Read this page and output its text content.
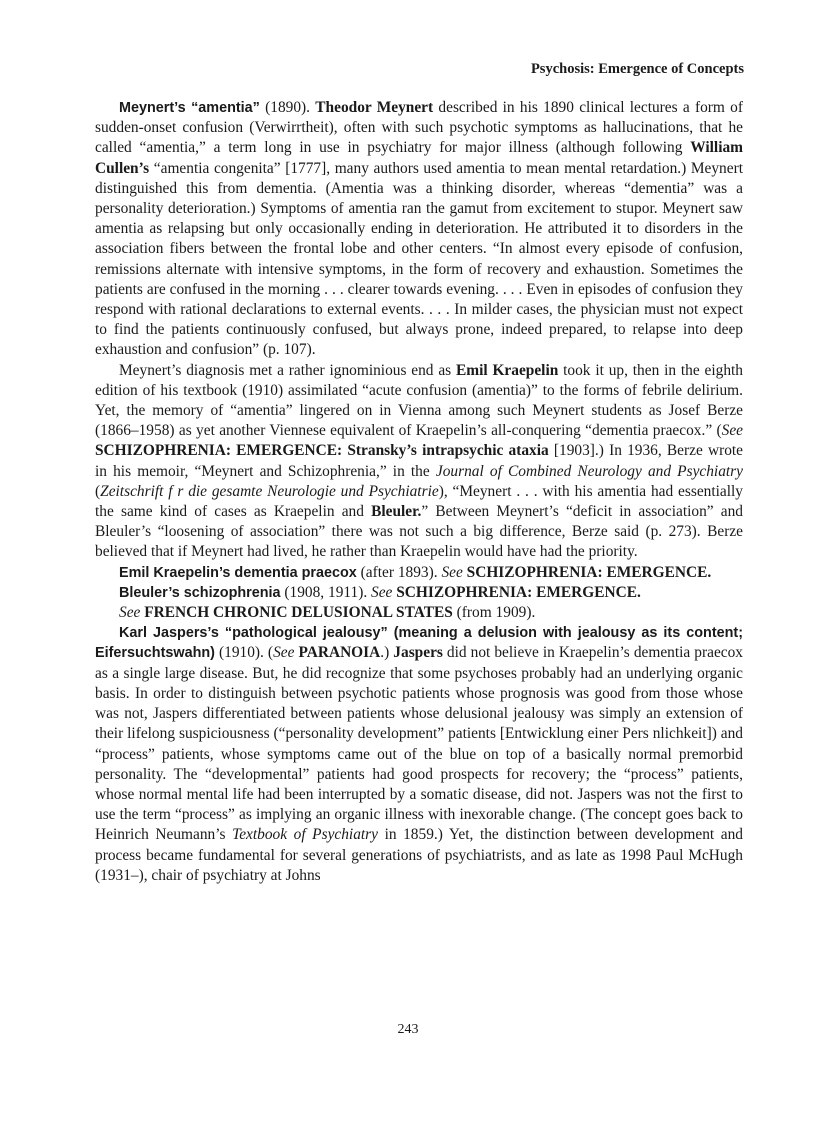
Psychosis: Emergence of Concepts

Meynert’s “amentia” (1890). Theodor Meynert described in his 1890 clinical lectures a form of sudden-onset confusion (Verwirrtheit), often with such psychotic symptoms as hallucinations, that he called “amentia,” a term long in use in psychiatry for major illness (although following William Cullen’s “amentia congenita” [1777], many authors used amentia to mean mental retardation.) Meynert distinguished this from dementia. (Amentia was a thinking disorder, whereas “dementia” was a personality deterioration.) Symptoms of amentia ran the gamut from excitement to stupor. Meynert saw amentia as relapsing but only occasionally ending in deterioration. He attributed it to disorders in the association fibers between the frontal lobe and other centers. “In almost every episode of confusion, remissions alternate with intensive symptoms, in the form of recovery and exhaustion. Sometimes the patients are confused in the morning . . . clearer towards evening. . . . Even in episodes of confusion they respond with rational declarations to external events. . . . In milder cases, the physician must not expect to find the patients continuously confused, but always prone, indeed prepared, to relapse into deep exhaustion and confusion” (p. 107).

Meynert’s diagnosis met a rather ignominious end as Emil Kraepelin took it up, then in the eighth edition of his textbook (1910) assimilated “acute confusion (amentia)” to the forms of febrile delirium. Yet, the memory of “amentia” lingered on in Vienna among such Meynert students as Josef Berze (1866–1958) as yet another Viennese equivalent of Kraepelin’s all-conquering “dementia praecox.” (See SCHIZOPHRENIA: EMERGENCE: Stransky’s intrapsychic ataxia [1903].) In 1936, Berze wrote in his memoir, “Meynert and Schizophrenia,” in the Journal of Combined Neurology and Psychiatry (Zeitschrift f r die gesamte Neurologie und Psychiatrie), “Meynert . . . with his amentia had essentially the same kind of cases as Kraepelin and Bleuler.” Between Meynert’s “deficit in association” and Bleuler’s “loosening of association” there was not such a big difference, Berze said (p. 273). Berze believed that if Meynert had lived, he rather than Kraepelin would have had the priority.

Emil Kraepelin’s dementia praecox (after 1893). See SCHIZOPHRENIA: EMERGENCE.

Bleuler’s schizophrenia (1908, 1911). See SCHIZOPHRENIA: EMERGENCE.

See FRENCH CHRONIC DELUSIONAL STATES (from 1909).

Karl Jaspers’s “pathological jealousy” (meaning a delusion with jealousy as its content; Eifersuchtswahn) (1910). (See PARANOIA.) Jaspers did not believe in Kraepelin’s dementia praecox as a single large disease. But, he did recognize that some psychoses probably had an underlying organic basis. In order to distinguish between psychotic patients whose prognosis was good from those whose was not, Jaspers differentiated between patients whose delusional jealousy was simply an extension of their lifelong suspiciousness (“personality development” patients [Entwicklung einer Pers nlichkeit]) and “process” patients, whose symptoms came out of the blue on top of a basically normal premorbid personality. The “developmental” patients had good prospects for recovery; the “process” patients, whose normal mental life had been interrupted by a somatic disease, did not. Jaspers was not the first to use the term “process” as implying an organic illness with inexorable change. (The concept goes back to Heinrich Neumann’s Textbook of Psychiatry in 1859.) Yet, the distinction between development and process became fundamental for several generations of psychiatrists, and as late as 1998 Paul McHugh (1931–), chair of psychiatry at Johns

243
